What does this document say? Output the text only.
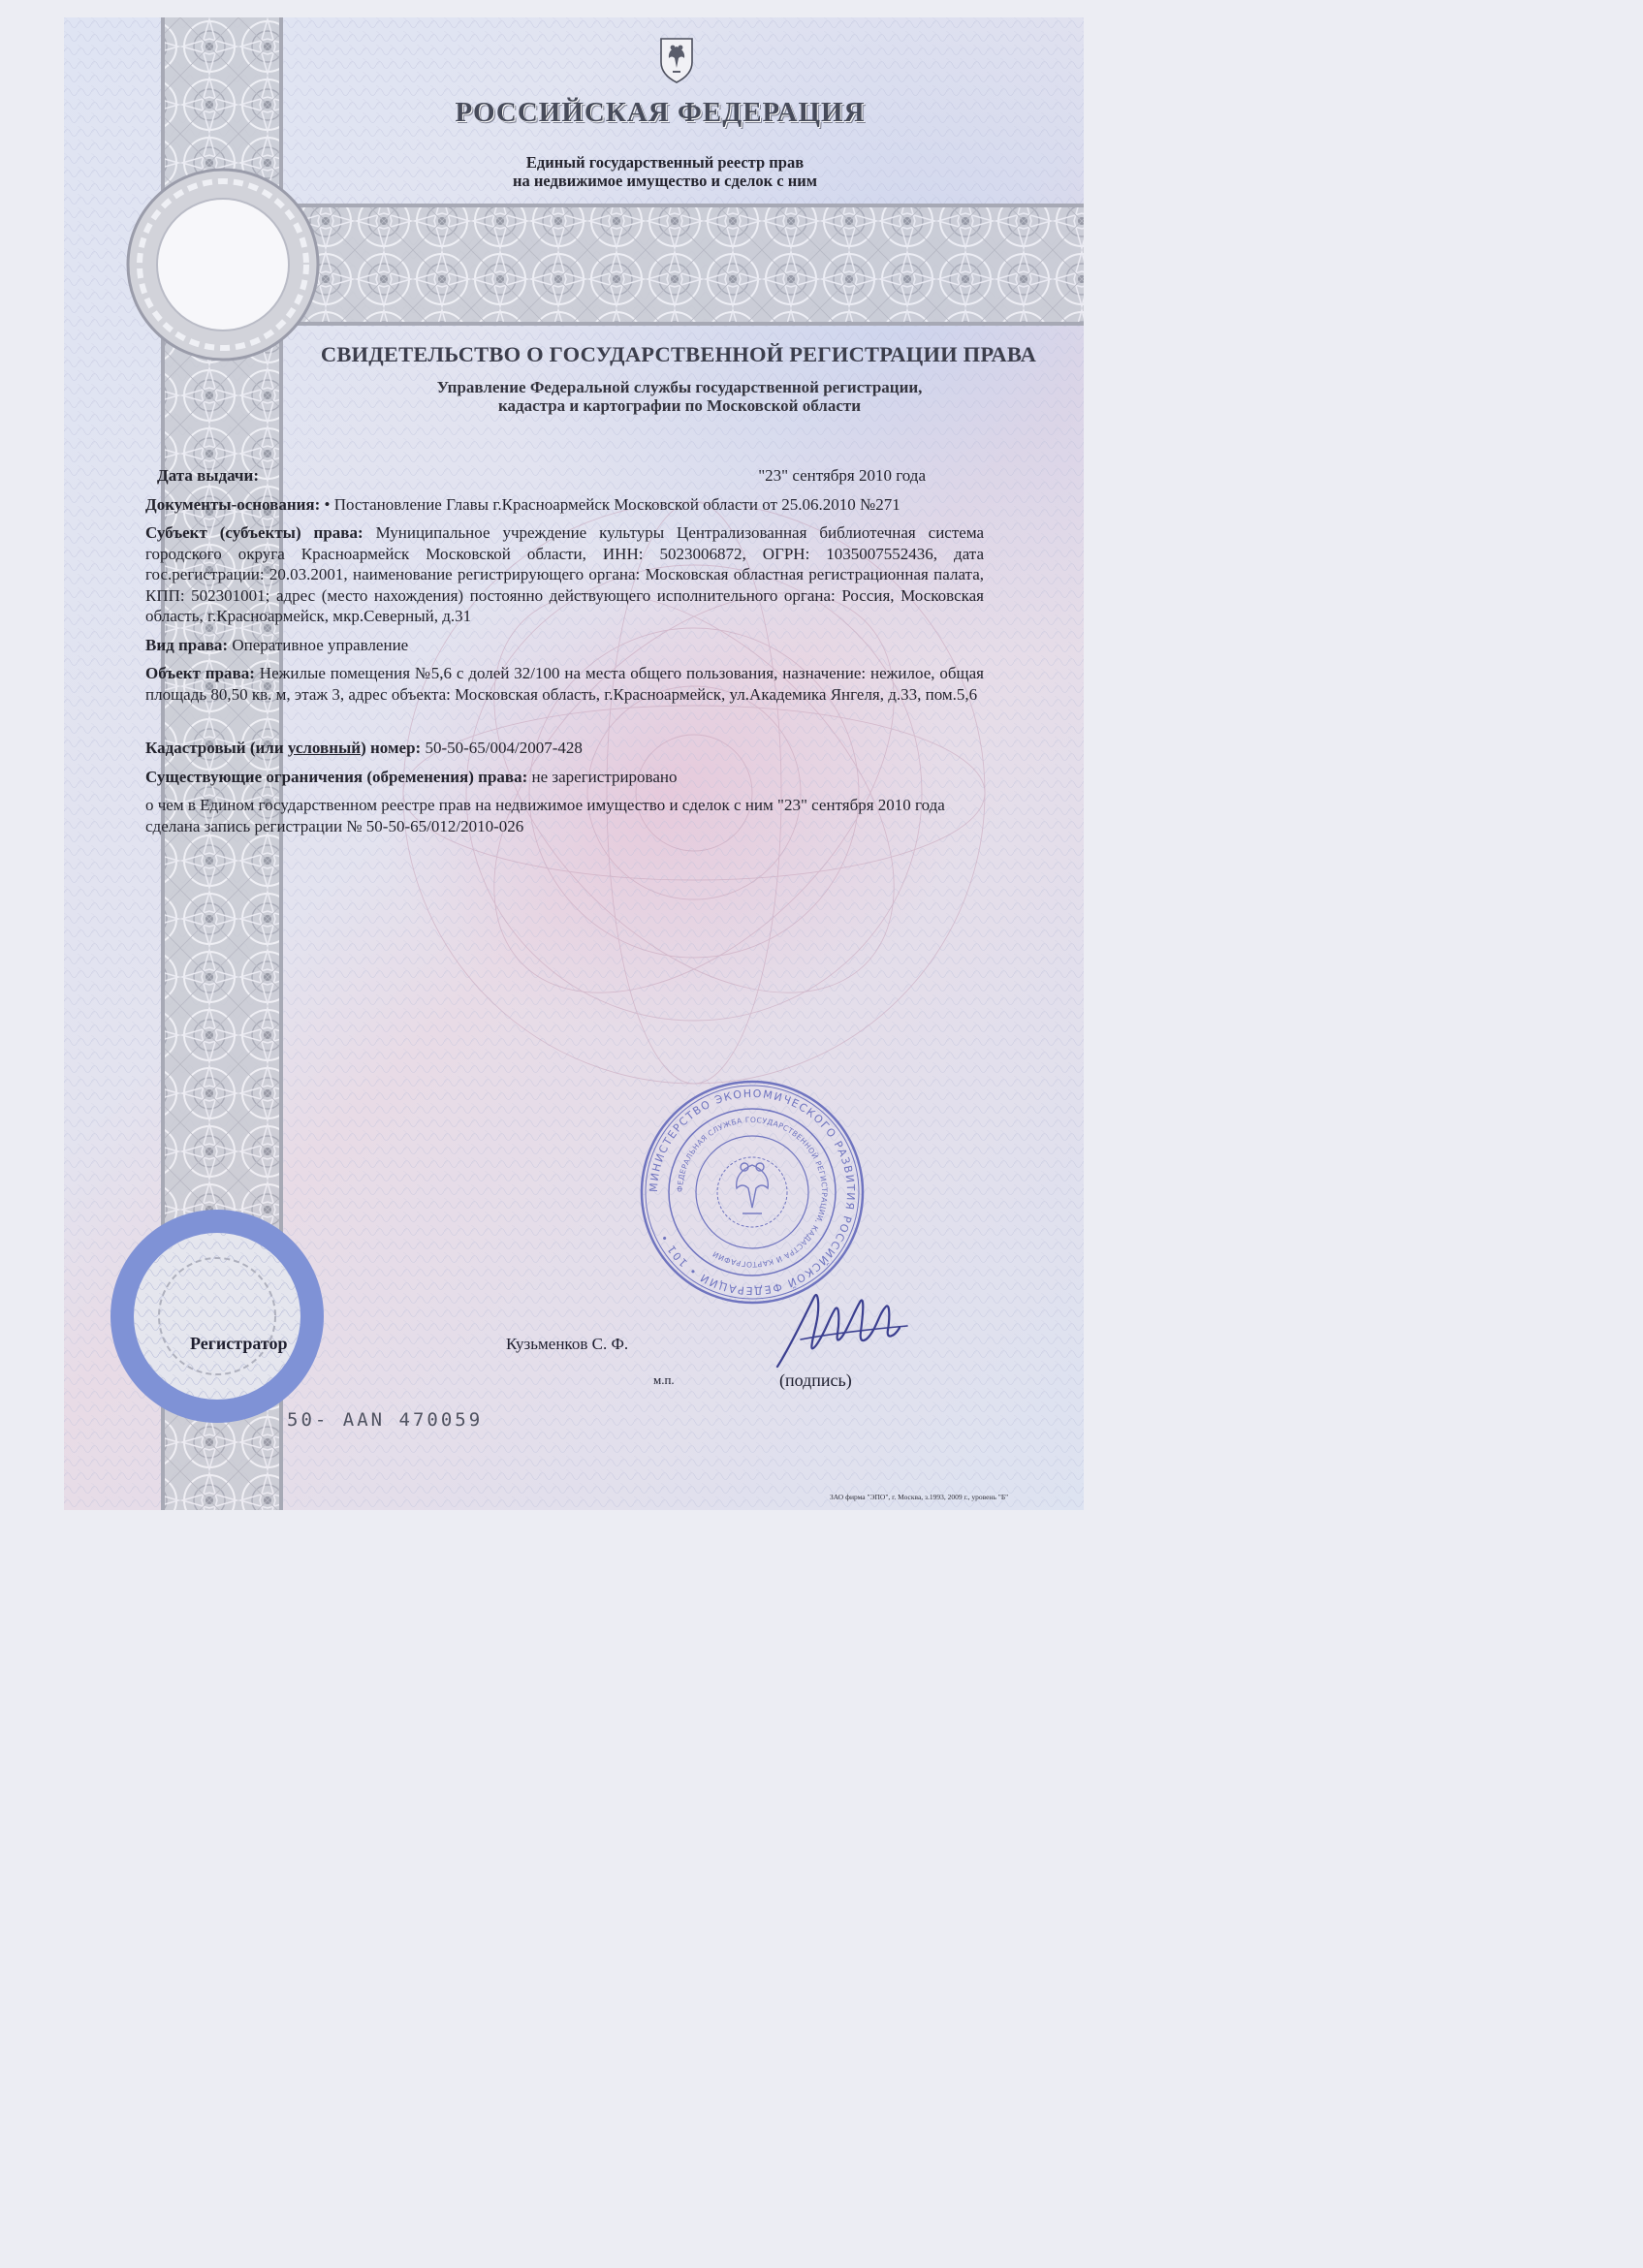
РОССИЙСКАЯ ФЕДЕРАЦИЯ
Единый государственный реестр прав
на недвижимое имущество и сделок с ним
СВИДЕТЕЛЬСТВО О ГОСУДАРСТВЕННОЙ РЕГИСТРАЦИИ ПРАВА
Управление Федеральной службы государственной регистрации,
кадастра и картографии по Московской области
Дата выдачи:	"23" сентября 2010 года

Документы-основания: • Постановление Главы г.Красноармейск Московской области от 25.06.2010 №271

Субъект (субъекты) права: Муниципальное учреждение культуры Централизованная библиотечная система городского округа Красноармейск Московской области, ИНН: 5023006872, ОГРН: 1035007552436, дата гос.регистрации: 20.03.2001, наименование регистрирующего органа: Московская областная регистрационная палата, КПП: 502301001; адрес (место нахождения) постоянно действующего исполнительного органа: Россия, Московская область, г.Красноармейск, мкр.Северный, д.31

Вид права: Оперативное управление

Объект права: Нежилые помещения №5,6 с долей 32/100 на места общего пользования, назначение: нежилое, общая площадь 80,50 кв. м, этаж 3, адрес объекта: Московская область, г.Красноармейск, ул.Академика Янгеля, д.33, пом.5,6

Кадастровый (или условный) номер: 50-50-65/004/2007-428

Существующие ограничения (обременения) права: не зарегистрировано

о чем в Едином государственном реестре прав на недвижимое имущество и сделок с ним "23" сентября 2010 года сделана запись регистрации № 50-50-65/012/2010-026

МИНИСТЕРСТВО ЭКОНОМИЧЕСКОГО РАЗВИТИЯ РОССИЙСКОЙ ФЕДЕРАЦИИ • 101 •
ФЕДЕРАЛЬНАЯ СЛУЖБА ГОСУДАРСТВЕННОЙ РЕГИСТРАЦИИ, КАДАСТРА И КАРТОГРАФИИ
Регистратор	Кузьменков С. Ф.
м.п.	(подпись)
50- AAN 470059
ЗАО фирма "ЭПО", г. Москва, з.1993, 2009 г., уровень "Б"
